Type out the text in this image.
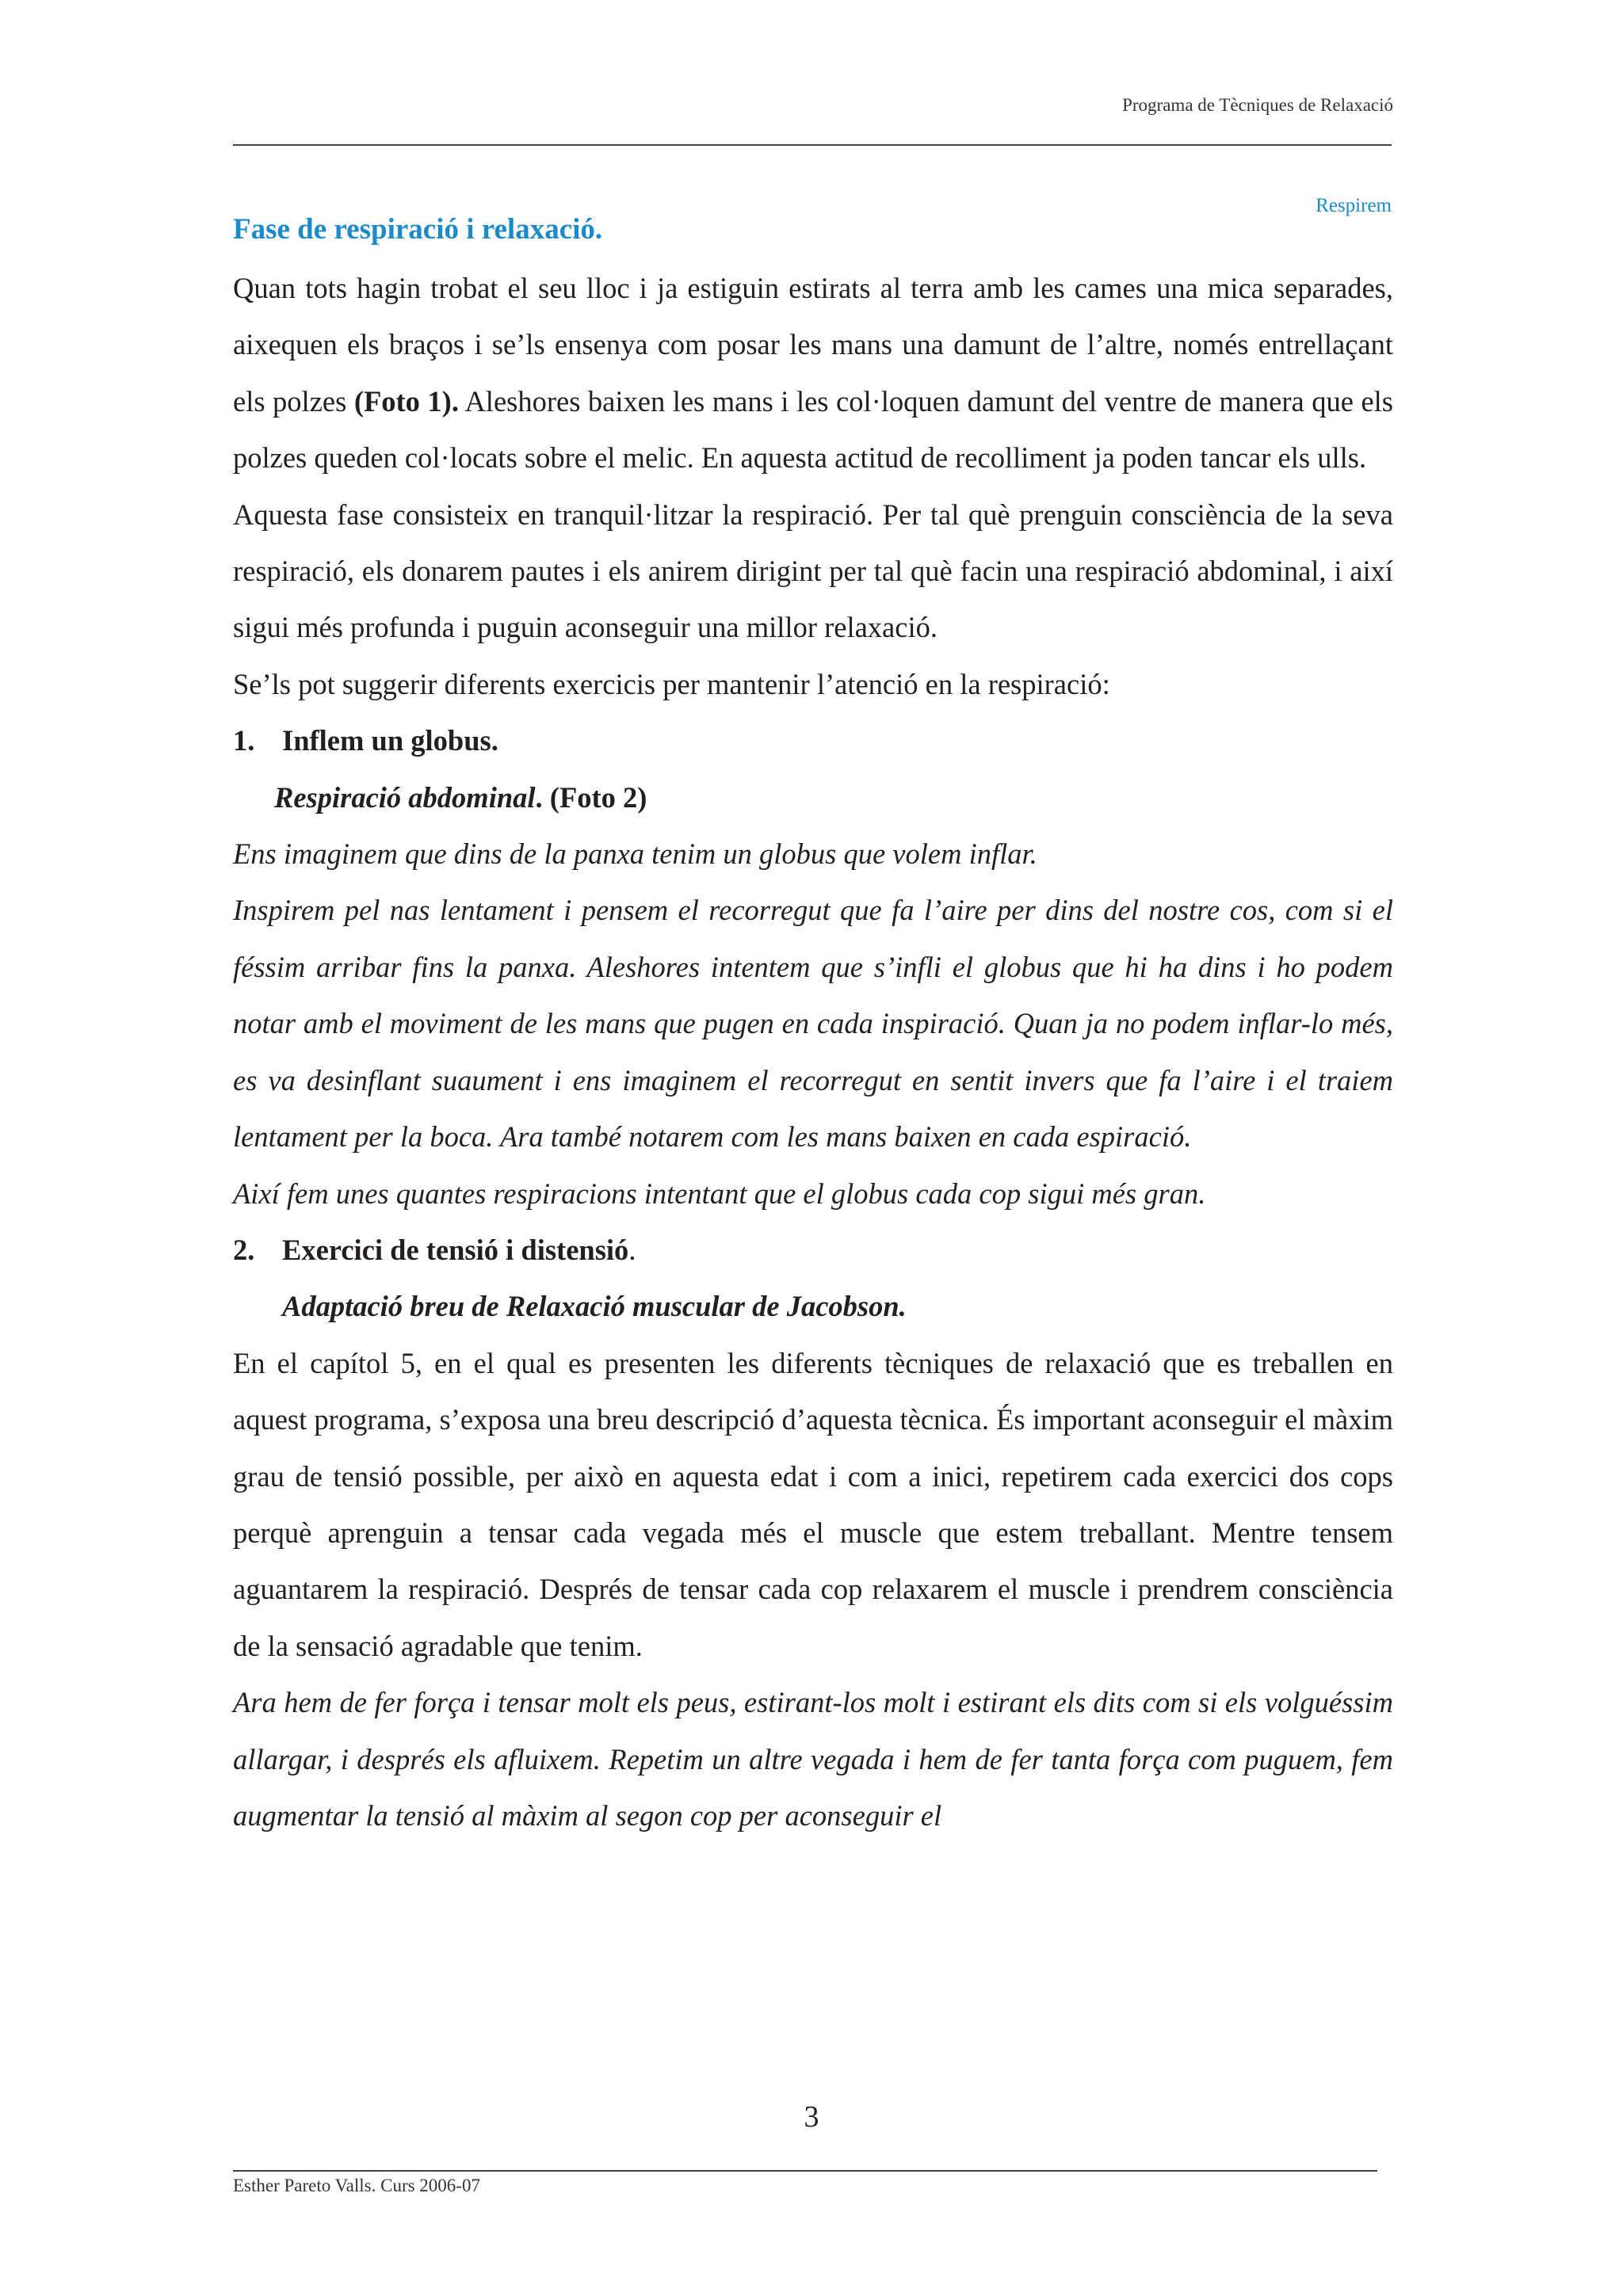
Programa de Tècniques de Relaxació
Respirem
Fase de respiració i relaxació.

Quan tots hagin trobat el seu lloc i ja estiguin estirats al terra amb les cames una mica separades, aixequen els braços i se’ls ensenya com posar les mans una damunt de l’altre, només entrellaçant els polzes (Foto 1). Aleshores baixen les mans i les col·loquen damunt del ventre de manera que els polzes queden col·locats sobre el melic. En aquesta actitud de recolliment ja poden tancar els ulls.

Aquesta fase consisteix en tranquil·litzar la respiració. Per tal què prenguin consciència de la seva respiració, els donarem pautes i els anirem dirigint per tal què facin una respiració abdominal, i així sigui més profunda i puguin aconseguir una millor relaxació.

Se’ls pot suggerir diferents exercicis per mantenir l’atenció en la respiració:

1. Inflem un globus.

Respiració abdominal. (Foto 2)

Ens imaginem que dins de la panxa tenim un globus que volem inflar.

Inspirem pel nas lentament i pensem el recorregut que fa l’aire per dins del nostre cos, com si el féssim arribar fins la panxa. Aleshores intentem que s’infli el globus que hi ha dins i ho podem notar amb el moviment de les mans que pugen en cada inspiració. Quan ja no podem inflar-lo més, es va desinflant suaument i ens imaginem el recorregut en sentit invers que fa l’aire i el traiem lentament per la boca. Ara també notarem com les mans baixen en cada espiració.

Així fem unes quantes respiracions intentant que el globus cada cop sigui més gran.

2. Exercici de tensió i distensió.

Adaptació breu de Relaxació muscular de Jacobson.

En el capítol 5, en el qual es presenten les diferents tècniques de relaxació que es treballen en aquest programa, s’exposa una breu descripció d’aquesta tècnica. És important aconseguir el màxim grau de tensió possible, per això en aquesta edat i com a inici, repetirem cada exercici dos cops perquè aprenguin a tensar cada vegada més el muscle que estem treballant. Mentre tensem aguantarem la respiració. Després de tensar cada cop relaxarem el muscle i prendrem consciència de la sensació agradable que tenim.

Ara hem de fer força i tensar molt els peus, estirant-los molt i estirant els dits com si els volguéssim allargar, i després els afluixem. Repetim un altre vegada i hem de fer tanta força com puguem, fem augmentar la tensió al màxim al segon cop per aconseguir el

3
Esther Pareto Valls. Curs 2006-07
